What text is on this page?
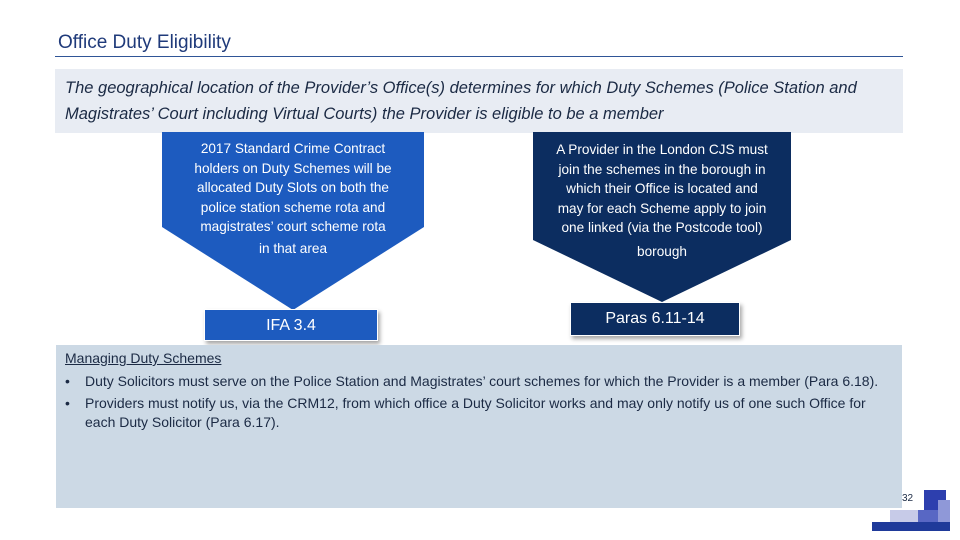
Office Duty Eligibility
The geographical location of the Provider’s Office(s) determines for which Duty Schemes (Police Station and Magistrates’ Court including Virtual Courts) the Provider is eligible to be a member
2017 Standard Crime Contract
holders on Duty Schemes will be
allocated Duty Slots on both the
police station scheme rota and
magistrates’ court scheme rota
in that area
IFA 3.4
A Provider in the London CJS must
join the schemes in the borough in
which their Office is located and
may for each Scheme apply to join
one linked (via the Postcode tool)
borough
Paras 6.11-14
Managing Duty Schemes
• Duty Solicitors must serve on the Police Station and Magistrates’ court schemes for which the Provider is a member (Para 6.18).
• Providers must notify us, via the CRM12, from which office a Duty Solicitor works and may only notify us of one such Office for each Duty Solicitor (Para 6.17).
32
